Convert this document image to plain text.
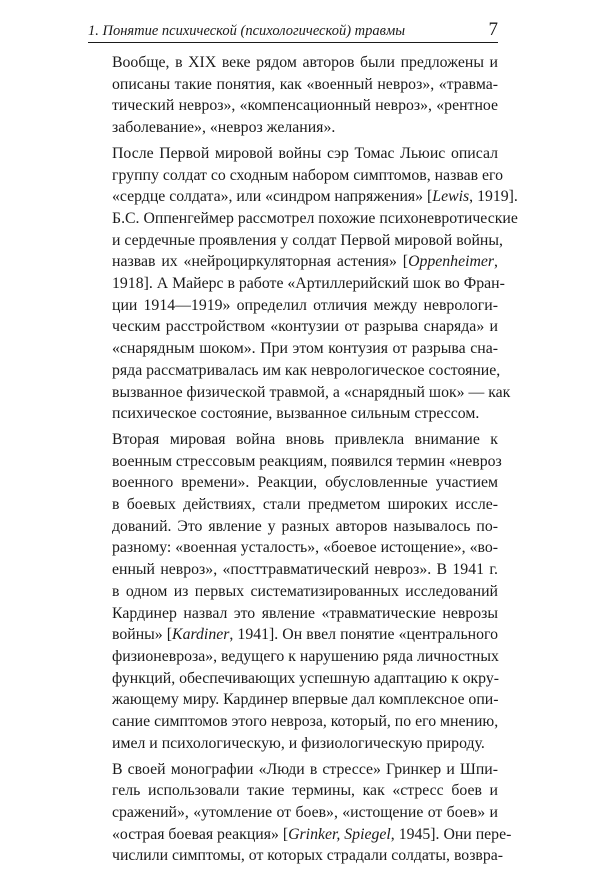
1. Понятие психической (психологической) травмы	7
Вообще, в XIX веке рядом авторов были предложены и
описаны такие понятия, как «военный невроз», «травма-
тический невроз», «компенсационный невроз», «рентное
заболевание», «невроз желания».
После Первой мировой войны сэр Томас Льюис описал
группу солдат со сходным набором симптомов, назвав его
«сердце солдата», или «синдром напряжения» [Lewis, 1919].
Б.С. Оппенгеймер рассмотрел похожие психоневротические
и сердечные проявления у солдат Первой мировой войны,
назвав их «нейроциркуляторная астения» [Oppenheimer,
1918]. А Майерс в работе «Артиллерийский шок во Фран-
ции 1914—1919» определил отличия между неврологи-
ческим расстройством «контузии от разрыва снаряда» и
«снарядным шоком». При этом контузия от разрыва сна-
ряда рассматривалась им как неврологическое состояние,
вызванное физической травмой, а «снарядный шок» — как
психическое состояние, вызванное сильным стрессом.
Вторая мировая война вновь привлекла внимание к
военным стрессовым реакциям, появился термин «невроз
военного времени». Реакции, обусловленные участием
в боевых действиях, стали предметом широких иссле-
дований. Это явление у разных авторов называлось по-
разному: «военная усталость», «боевое истощение», «во-
енный невроз», «посттравматический невроз». В 1941 г.
в одном из первых систематизированных исследований
Кардинер назвал это явление «травматические неврозы
войны» [Kardiner, 1941]. Он ввел понятие «центрального
физионевроза», ведущего к нарушению ряда личностных
функций, обеспечивающих успешную адаптацию к окру-
жающему миру. Кардинер впервые дал комплексное опи-
сание симптомов этого невроза, который, по его мнению,
имел и психологическую, и физиологическую природу.
В своей монографии «Люди в стрессе» Гринкер и Шпи-
гель использовали такие термины, как «стресс боев и
сражений», «утомление от боев», «истощение от боев» и
«острая боевая реакция» [Grinker, Spiegel, 1945]. Они пере-
числили симптомы, от которых страдали солдаты, возвра-
